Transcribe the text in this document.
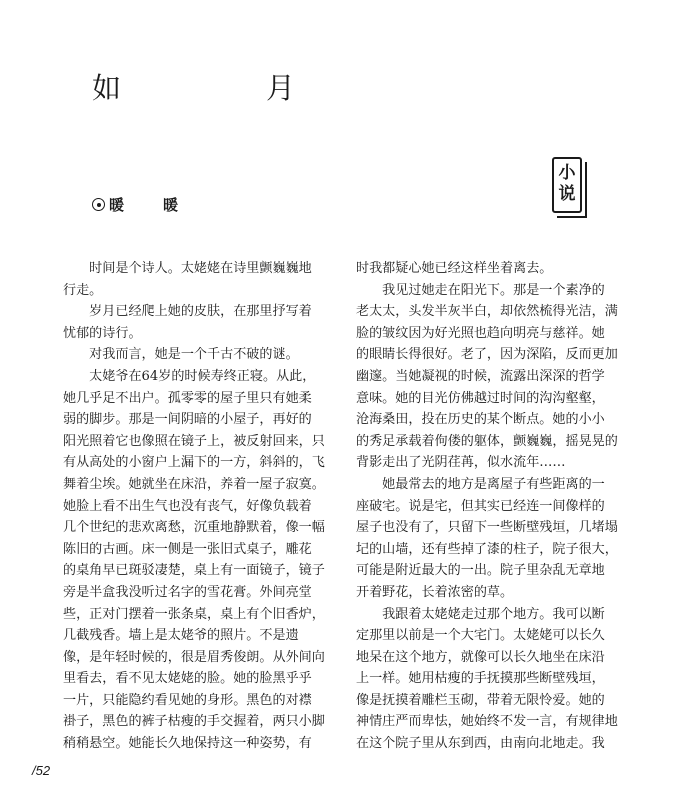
如　月
暖　暖
小说
　　时间是个诗人。太姥姥在诗里颤巍巍地
行走。
　　岁月已经爬上她的皮肤，在那里抒写着
忧郁的诗行。
　　对我而言，她是一个千古不破的谜。
　　太姥爷在64岁的时候寿终正寝。从此，
她几乎足不出户。孤零零的屋子里只有她柔
弱的脚步。那是一间阴暗的小屋子，再好的
阳光照着它也像照在镜子上，被反射回来，只
有从高处的小窗户上漏下的一方，斜斜的，飞
舞着尘埃。她就坐在床沿，养着一屋子寂寞。
她脸上看不出生气也没有丧气，好像负载着
几个世纪的悲欢离愁，沉重地静默着，像一幅
陈旧的古画。床一侧是一张旧式桌子，雕花
的桌角早已斑驳凄楚，桌上有一面镜子，镜子
旁是半盒我没听过名字的雪花膏。外间亮堂
些，正对门摆着一张条桌，桌上有个旧香炉，
几截残香。墙上是太姥爷的照片。不是遗
像，是年轻时候的，很是眉秀俊朗。从外间向
里看去，看不见太姥姥的脸。她的脸黑乎乎
一片，只能隐约看见她的身形。黑色的对襟
褂子，黑色的裤子枯瘦的手交握着，两只小脚
稍稍悬空。她能长久地保持这一种姿势，有
时我都疑心她已经这样坐着离去。
　　我见过她走在阳光下。那是一个素净的
老太太，头发半灰半白，却依然梳得光洁，满
脸的皱纹因为好光照也趋向明亮与慈祥。她
的眼睛长得很好。老了，因为深陷，反而更加
幽邃。当她凝视的时候，流露出深深的哲学
意味。她的目光仿佛越过时间的沟沟壑壑，
沧海桑田，投在历史的某个断点。她的小小
的秀足承载着佝偻的躯体，颤巍巍，摇晃晃的
背影走出了光阴荏苒，似水流年……
　　她最常去的地方是离屋子有些距离的一
座破宅。说是宅，但其实已经连一间像样的
屋子也没有了，只留下一些断壁残垣，几堵塌
圮的山墙，还有些掉了漆的柱子，院子很大，
可能是附近最大的一出。院子里杂乱无章地
开着野花，长着浓密的草。
　　我跟着太姥姥走过那个地方。我可以断
定那里以前是一个大宅门。太姥姥可以长久
地呆在这个地方，就像可以长久地坐在床沿
上一样。她用枯瘦的手抚摸那些断壁残垣，
像是抚摸着雕栏玉砌，带着无限怜爱。她的
神情庄严而卑怯，她始终不发一言，有规律地
在这个院子里从东到西，由南向北地走。我
/52
